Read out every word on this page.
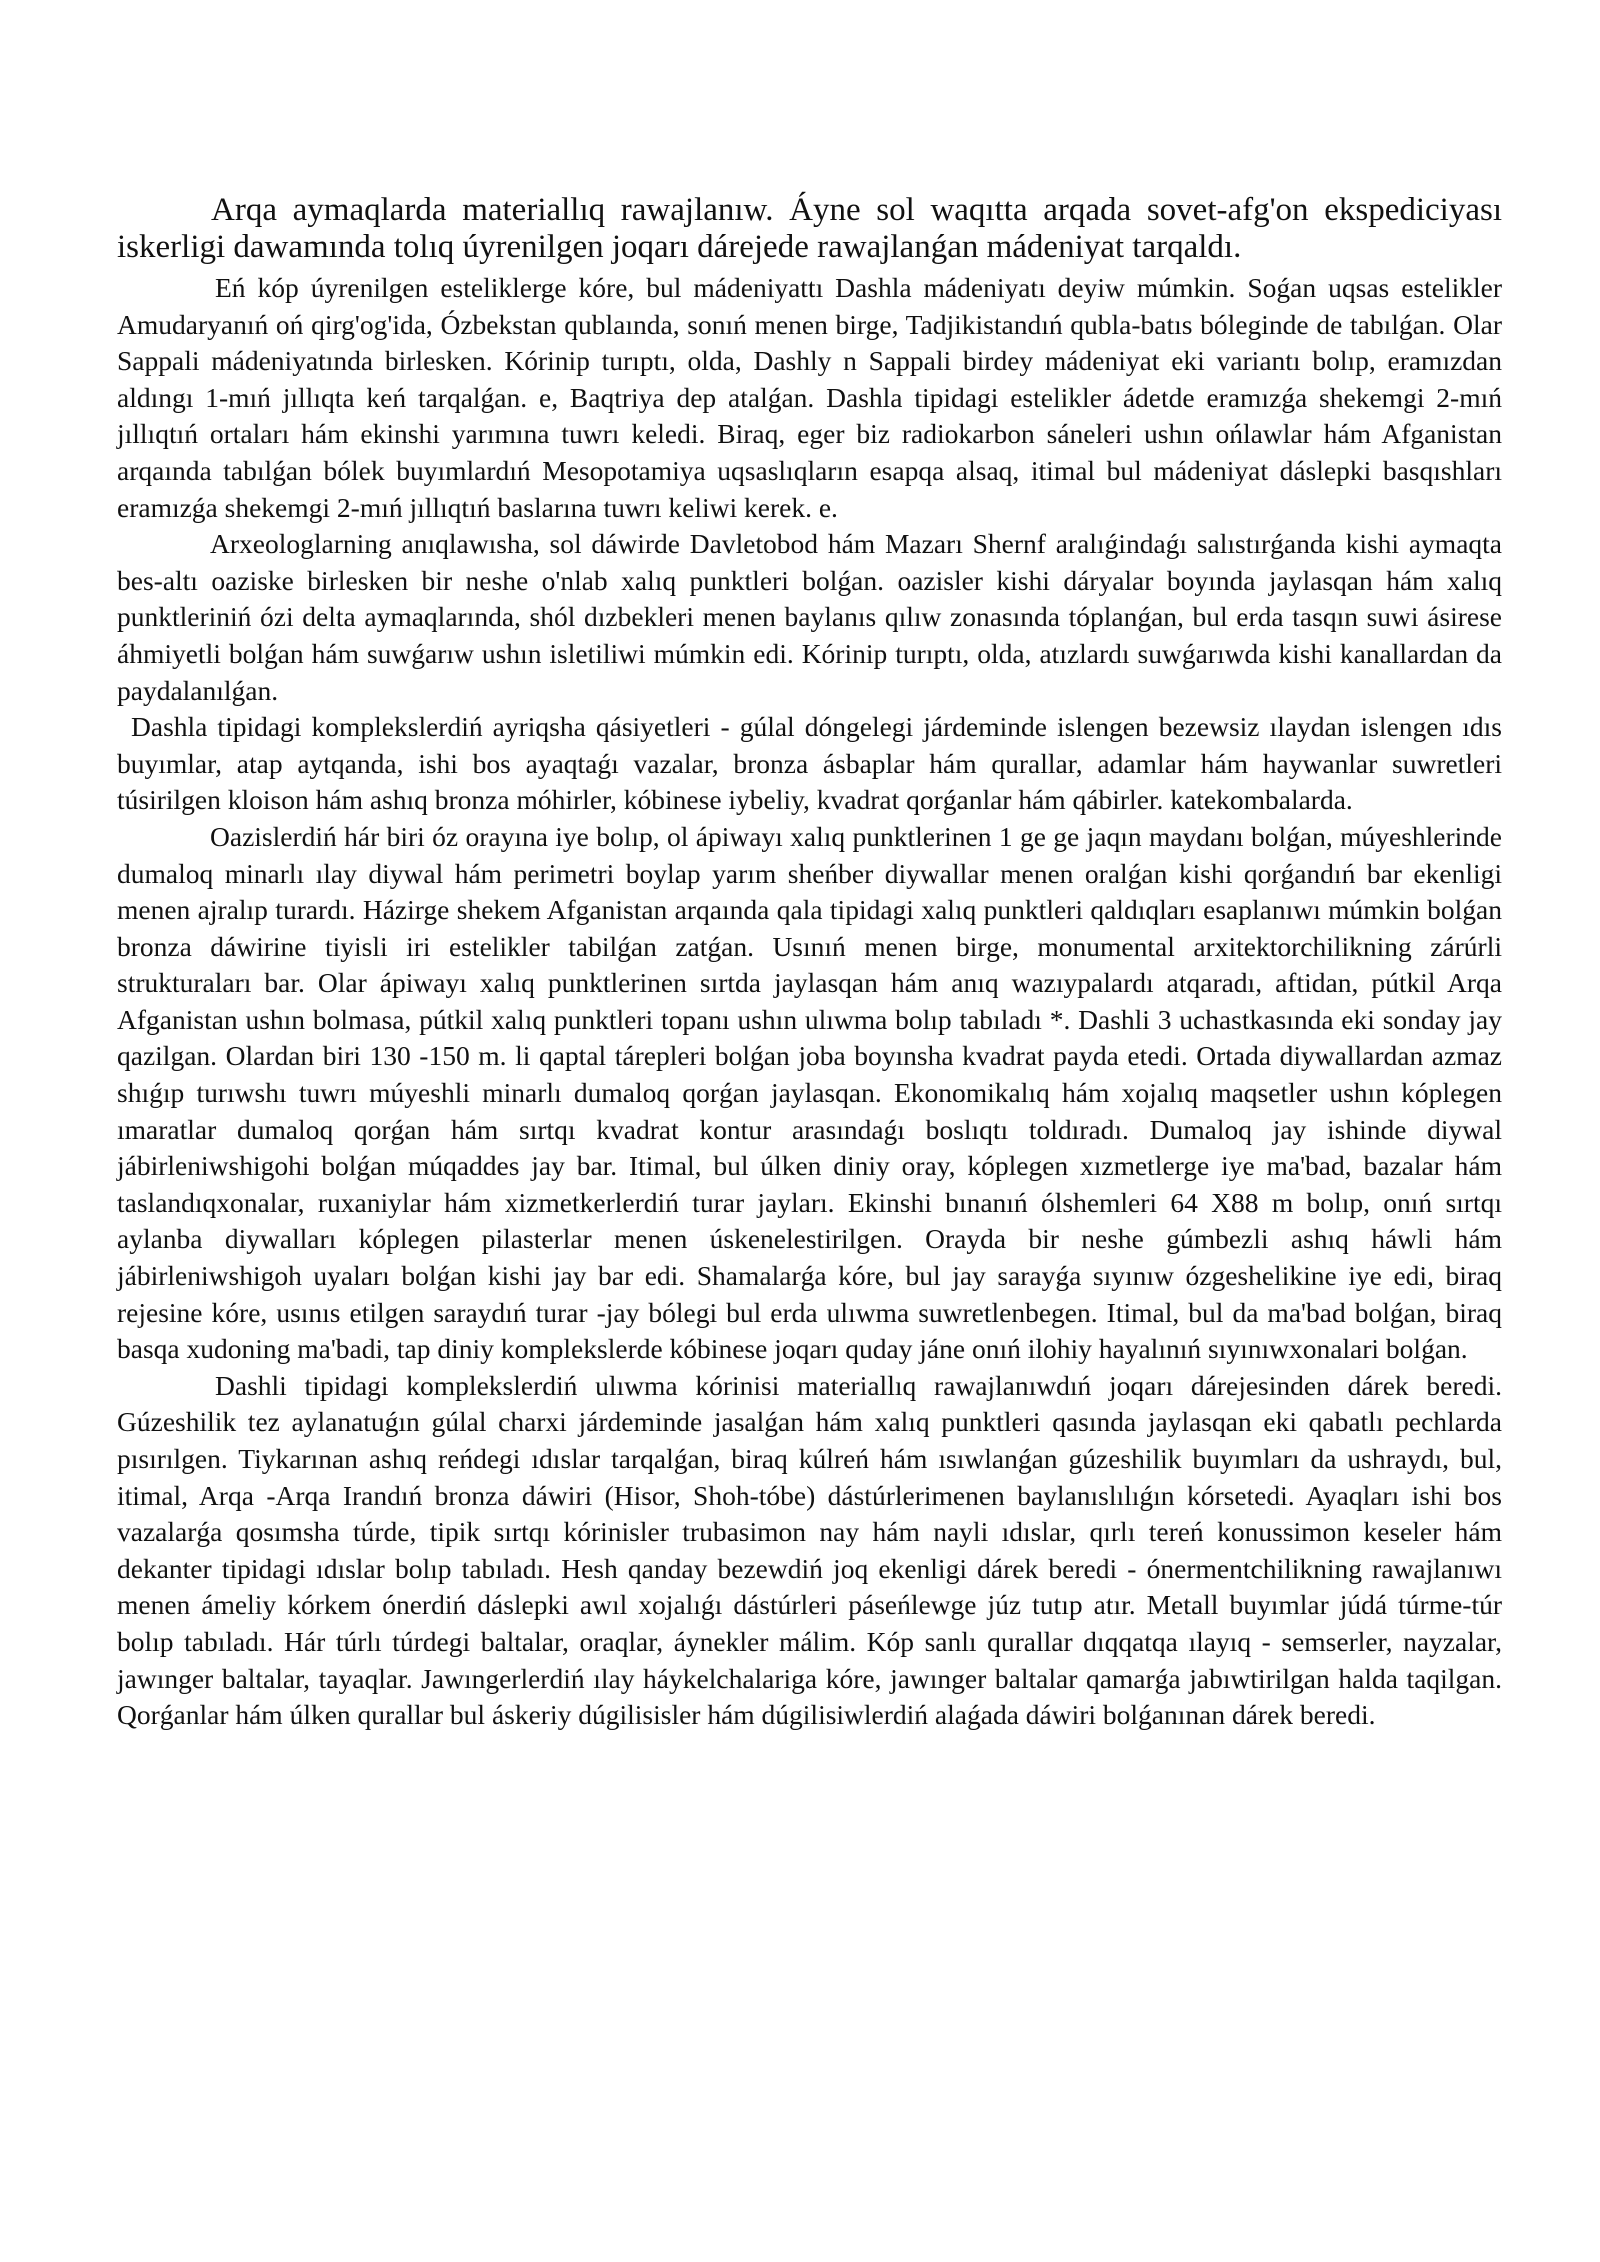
Arqa aymaqlarda materiallıq rawajlanıw. Áyne sol waqıtta arqada sovet-afg'on ekspediciyası iskerligi dawamında tolıq úyrenilgen joqarı dárejede rawajlanǵan mádeniyat tarqaldı.

Eń kóp úyrenilgen esteliklerge kóre, bul mádeniyattı Dashla mádeniyatı deyiw múmkin. Soǵan uqsas estelikler Amudaryanıń oń qirg'og'ida, Ózbekstan qublaında, sonıń menen birge, Tadjikistandıń qubla-batıs bóleginde de tabılǵan. Olar Sappali mádeniyatında birlesken. Kórinip turıptı, olda, Dashly n Sappali birdey mádeniyat eki variantı bolıp, eramızdan aldıngı 1-mıń jıllıqta keń tarqalǵan. e, Baqtriya dep atalǵan. Dashla tipidagi estelikler ádetde eramızǵa shekemgi 2-mıń jıllıqtıń ortaları hám ekinshi yarımına tuwrı keledi. Biraq, eger biz radiokarbon sáneleri ushın ońlawlar hám Afganistan arqaında tabılǵan bólek buyımlardıń Mesopotamiya uqsaslıqların esapqa alsaq, itimal bul mádeniyat dáslepki basqıshları eramızǵa shekemgi 2-mıń jıllıqtıń baslarına tuwrı keliwi kerek. e.

Arxeologlarning anıqlawısha, sol dáwirde Davletobod hám Mazarı Shernf aralıǵindaǵı salıstırǵanda kishi aymaqta bes-altı oaziske birlesken bir neshe o'nlab xalıq punktleri bolǵan. oazisler kishi dáryalar boyında jaylasqan hám xalıq punktleriniń ózi delta aymaqlarında, shól dızbekleri menen baylanıs qılıw zonasında tóplanǵan, bul erda tasqın suwi ásirese áhmiyetli bolǵan hám suwǵarıw ushın isletiliwi múmkin edi. Kórinip turıptı, olda, atızlardı suwǵarıwda kishi kanallardan da paydalanılǵan.

Dashla tipidagi komplekslerdiń ayriqsha qásiyetleri - gúlal dóngelegi járdeminde islengen bezewsiz ılaydan islengen ıdıs buyımlar, atap aytqanda, ishi bos ayaqtaǵı vazalar, bronza ásbaplar hám qurallar, adamlar hám haywanlar suwretleri túsirilgen kloison hám ashıq bronza móhirler, kóbinese iybeliy, kvadrat qorǵanlar hám qábirler. katekombalarda.

Oazislerdiń hár biri óz orayına iye bolıp, ol ápiwayı xalıq punktlerinen 1 ge ge jaqın maydanı bolǵan, múyeshlerinde dumaloq minarlı ılay diywal hám perimetri boylap yarım sheńber diywallar menen oralǵan kishi qorǵandıń bar ekenligi menen ajralıp turardı. Házirge shekem Afganistan arqaında qala tipidagi xalıq punktleri qaldıqları esaplanıwı múmkin bolǵan bronza dáwirine tiyisli iri estelikler tabilǵan zatǵan. Usınıń menen birge, monumental arxitektorchilikning zárúrli strukturaları bar. Olar ápiwayı xalıq punktlerinen sırtda jaylasqan hám anıq wazıypalardı atqaradı, aftidan, pútkil Arqa Afganistan ushın bolmasa, pútkil xalıq punktleri topanı ushın ulıwma bolıp tabıladı *. Dashli 3 uchastkasında eki sonday jay qazilgan. Olardan biri 130 -150 m. li qaptal tárepleri bolǵan joba boyınsha kvadrat payda etedi. Ortada diywallardan azmaz shıǵıp turıwshı tuwrı múyeshli minarlı dumaloq qorǵan jaylasqan. Ekonomikalıq hám xojalıq maqsetler ushın kóplegen ımaratlar dumaloq qorǵan hám sırtqı kvadrat kontur arasındaǵı boslıqtı toldıradı. Dumaloq jay ishinde diywal jábirleniwshigohi bolǵan múqaddes jay bar. Itimal, bul úlken diniy oray, kóplegen xızmetlerge iye ma'bad, bazalar hám taslandıqxonalar, ruxaniylar hám xizmetkerlerdiń turar jayları. Ekinshi bınanıń ólshemleri 64 X88 m bolıp, onıń sırtqı aylanba diywalları kóplegen pilasterlar menen úskenelestirilgen. Orayda bir neshe gúmbezli ashıq háwli hám jábirleniwshigoh uyaları bolǵan kishi jay bar edi. Shamalarǵa kóre, bul jay sarayǵa sıyınıw ózgeshelikine iye edi, biraq rejesine kóre, usınıs etilgen saraydıń turar -jay bólegi bul erda ulıwma suwretlenbegen. Itimal, bul da ma'bad bolǵan, biraq basqa xudoning ma'badi, tap diniy komplekslerde kóbinese joqarı quday jáne onıń ilohiy hayalınıń sıyınıwxonalari bolǵan.

Dashli tipidagi komplekslerdiń ulıwma kórinisi materiallıq rawajlanıwdıń joqarı dárejesinden dárek beredi. Gúzeshilik tez aylanatuǵın gúlal charxi járdeminde jasalǵan hám xalıq punktleri qasında jaylasqan eki qabatlı pechlarda pısırılgen. Tiykarınan ashıq reńdegi ıdıslar tarqalǵan, biraq kúlreń hám ısıwlanǵan gúzeshilik buyımları da ushraydı, bul, itimal, Arqa -Arqa Irandıń bronza dáwiri (Hisor, Shoh-tóbe) dástúrlerimenen baylanıslılıǵın kórsetedi. Ayaqları ishi bos vazalarǵa qosımsha túrde, tipik sırtqı kórinisler trubasimon nay hám nayli ıdıslar, qırlı tereń konussimon keseler hám dekanter tipidagi ıdıslar bolıp tabıladı. Hesh qanday bezewdiń joq ekenligi dárek beredi - ónermentchilikning rawajlanıwı menen ámeliy kórkem ónerdiń dáslepki awıl xojalıǵı dástúrleri páseńlewge júz tutıp atır. Metall buyımlar júdá túrme-túr bolıp tabıladı. Hár túrlı túrdegi baltalar, oraqlar, áynekler málim. Kóp sanlı qurallar dıqqatqa ılayıq - semserler, nayzalar, jawınger baltalar, tayaqlar. Jawıngerlerdiń ılay háykelchalariga kóre, jawınger baltalar qamarǵa jabıwtirilgan halda taqilgan. Qorǵanlar hám úlken qurallar bul áskeriy dúgilisisler hám dúgilisiwlerdiń alaǵada dáwiri bolǵanınan dárek beredi.
